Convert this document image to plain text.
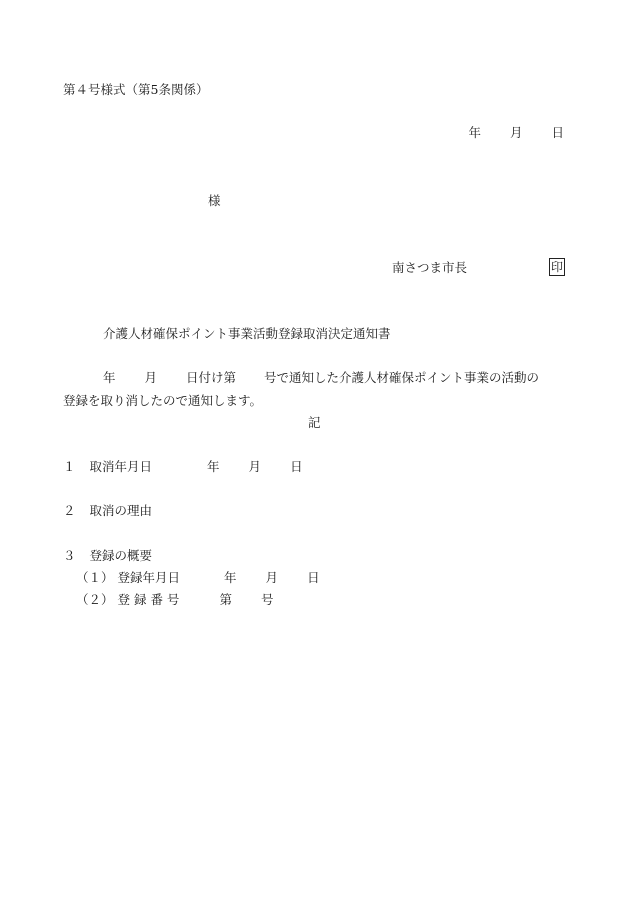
第４号様式（第5条関係）
年 月 日
様
南さつま市長	印
介護人材確保ポイント事業活動登録取消決定通知書
年 月 日付け第 号で通知した介護人材確保ポイント事業の活動の
登録を取り消したので通知します。
記
１ 取消年月日	年 月 日
２ 取消の理由
３ 登録の概要
（１） 登録年月日	年 月 日
（２） 登 録 番 号	第 号
